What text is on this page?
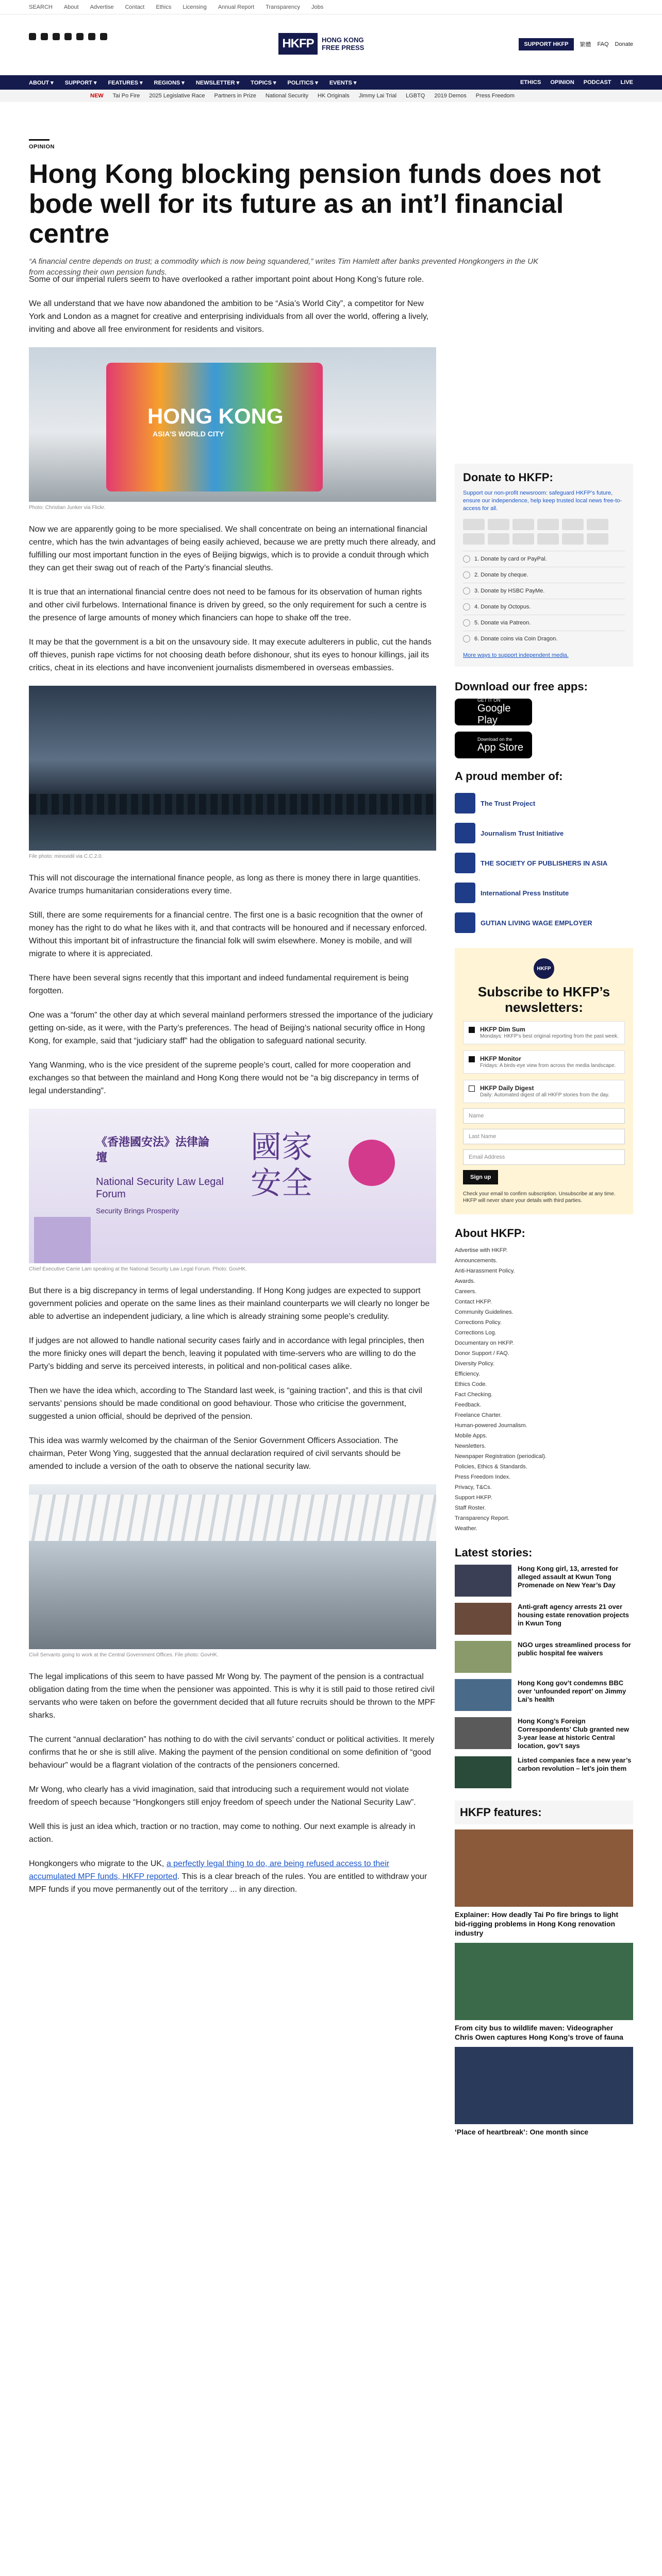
SEARCH About Advertise Contact Ethics Licensing Annual Report Transparency Jobs
HKFP	HONG KONG FREE PRESS	SUPPORT HKFP	繁體 FAQ Donate
ABOUT ▾ SUPPORT ▾ FEATURES ▾ REGIONS ▾ NEWSLETTER ▾ TOPICS ▾ POLITICS ▾ EVENTS ▾	ETHICS OPINION PODCAST LIVE
NEW Tai Po Fire 2025 Legislative Race Partners in Prize National Security HK Originals Jimmy Lai Trial LGBTQ 2019 Demos Press Freedom
OPINION
Hong Kong blocking pension funds does not bode well for its future as an int’l financial centre
“A financial centre depends on trust; a commodity which is now being squandered,” writes Tim Hamlett after banks prevented Hongkongers in the UK from accessing their own pension funds.

Some of our imperial rulers seem to have overlooked a rather important point about Hong Kong’s future role.

We all understand that we have now abandoned the ambition to be “Asia’s World City”, a competitor for New York and London as a magnet for creative and enterprising individuals from all over the world, offering a lively, inviting and above all free environment for residents and visitors.

HONG KONG
ASIA'S WORLD CITY
Photo: Christian Junker via Flickr.

Now we are apparently going to be more specialised. We shall concentrate on being an international financial centre, which has the twin advantages of being easily achieved, because we are pretty much there already, and fulfilling our most important function in the eyes of Beijing bigwigs, which is to provide a conduit through which they can get their swag out of reach of the Party’s financial sleuths.

It is true that an international financial centre does not need to be famous for its observation of human rights and other civil furbelows. International finance is driven by greed, so the only requirement for such a centre is the presence of large amounts of money which financiers can hope to shake off the tree.

It may be that the government is a bit on the unsavoury side. It may execute adulterers in public, cut the hands off thieves, punish rape victims for not choosing death before dishonour, shut its eyes to honour killings, jail its critics, cheat in its elections and have inconvenient journalists dismembered in overseas embassies.

File photo: minoxidil via C.C.2.0.

This will not discourage the international finance people, as long as there is money there in large quantities. Avarice trumps humanitarian considerations every time.

Still, there are some requirements for a financial centre. The first one is a basic recognition that the owner of money has the right to do what he likes with it, and that contracts will be honoured and if necessary enforced. Without this important bit of infrastructure the financial folk will swim elsewhere. Money is mobile, and will migrate to where it is appreciated.

There have been several signs recently that this important and indeed fundamental requirement is being forgotten.

One was a “forum” the other day at which several mainland performers stressed the importance of the judiciary getting on-side, as it were, with the Party’s preferences. The head of Beijing’s national security office in Hong Kong, for example, said that “judiciary staff” had the obligation to safeguard national security.

Yang Wanming, who is the vice president of the supreme people’s court, called for more cooperation and exchanges so that between the mainland and Hong Kong there would not be “a big discrepancy in terms of legal understanding”.

《香港國安法》法律論壇
National Security Law Legal Forum
Security Brings Prosperity
國家安全
Chief Executive Carrie Lam speaking at the National Security Law Legal Forum. Photo: GovHK.

But there is a big discrepancy in terms of legal understanding. If Hong Kong judges are expected to support government policies and operate on the same lines as their mainland counterparts we will clearly no longer be able to advertise an independent judiciary, a line which is already straining some people’s credulity.

If judges are not allowed to handle national security cases fairly and in accordance with legal principles, then the more finicky ones will depart the bench, leaving it populated with time-servers who are willing to do the Party’s bidding and serve its perceived interests, in political and non-political cases alike.

Then we have the idea which, according to The Standard last week, is “gaining traction”, and this is that civil servants’ pensions should be made conditional on good behaviour. Those who criticise the government, suggested a union official, should be deprived of the pension.

This idea was warmly welcomed by the chairman of the Senior Government Officers Association. The chairman, Peter Wong Ying, suggested that the annual declaration required of civil servants should be amended to include a version of the oath to observe the national security law.

Civil Servants going to work at the Central Government Offices. File photo: GovHK.

The legal implications of this seem to have passed Mr Wong by. The payment of the pension is a contractual obligation dating from the time when the pensioner was appointed. This is why it is still paid to those retired civil servants who were taken on before the government decided that all future recruits should be thrown to the MPF sharks.

The current “annual declaration” has nothing to do with the civil servants’ conduct or political activities. It merely confirms that he or she is still alive. Making the payment of the pension conditional on some definition of “good behaviour” would be a flagrant violation of the contracts of the pensioners concerned.

Mr Wong, who clearly has a vivid imagination, said that introducing such a requirement would not violate freedom of speech because “Hongkongers still enjoy freedom of speech under the National Security Law”.

Well this is just an idea which, traction or no traction, may come to nothing. Our next example is already in action.

Hongkongers who migrate to the UK, a perfectly legal thing to do, are being refused access to their accumulated MPF funds, HKFP reported. This is a clear breach of the rules. You are entitled to withdraw your MPF funds if you move permanently out of the territory ... in any direction.

Donate to HKFP:

Support our non-profit newsroom: safeguard HKFP’s future, ensure our independence, help keep trusted local news free-to-access for all.

1. Donate by card or PayPal.
2. Donate by cheque.
3. Donate by HSBC PayMe.
4. Donate by Octopus.
5. Donate via Patreon.
6. Donate coins via Coin Dragon.

More ways to support independent media.

Download our free apps:
GET IT ON
Google Play
Download on the
App Store
A proud member of:
The Trust Project
Journalism Trust Initiative
THE SOCIETY OF PUBLISHERS IN ASIA
International Press Institute
GUTIAN LIVING WAGE EMPLOYER
HKFP
Subscribe to HKFP’s newsletters:
HKFP Dim Sum
Mondays: HKFP’s best original reporting from the past week.
HKFP Monitor
Fridays: A birds-eye view from across the media landscape.
HKFP Daily Digest
Daily: Automated digest of all HKFP stories from the day.
Name
Last Name
Email Address
Sign up

Check your email to confirm subscription. Unsubscribe at any time. HKFP will never share your details with third parties.

About HKFP:
Advertise with HKFP.
Announcements.
Anti-Harassment Policy.
Awards.
Careers.
Contact HKFP.
Community Guidelines.
Corrections Policy.
Corrections Log.
Documentary on HKFP.
Donor Support / FAQ.
Diversity Policy.
Efficiency.
Ethics Code.
Fact Checking.
Feedback.
Freelance Charter.
Human-powered Journalism.
Mobile Apps.
Newsletters.
Newspaper Registration (periodical).
Policies, Ethics & Standards.
Press Freedom Index.
Privacy, T&Cs.
Support HKFP.
Staff Roster.
Transparency Report.
Weather.
Latest stories:
Hong Kong girl, 13, arrested for alleged assault at Kwun Tong Promenade on New Year’s Day
Anti-graft agency arrests 21 over housing estate renovation projects in Kwun Tong
NGO urges streamlined process for public hospital fee waivers
Hong Kong gov’t condemns BBC over ‘unfounded report’ on Jimmy Lai’s health
Hong Kong’s Foreign Correspondents’ Club granted new 3-year lease at historic Central location, gov’t says
Listed companies face a new year’s carbon revolution – let’s join them
HKFP features:
Explainer: How deadly Tai Po fire brings to light bid-rigging problems in Hong Kong renovation industry
From city bus to wildlife maven: Videographer Chris Owen captures Hong Kong’s trove of fauna
‘Place of heartbreak’: One month since
